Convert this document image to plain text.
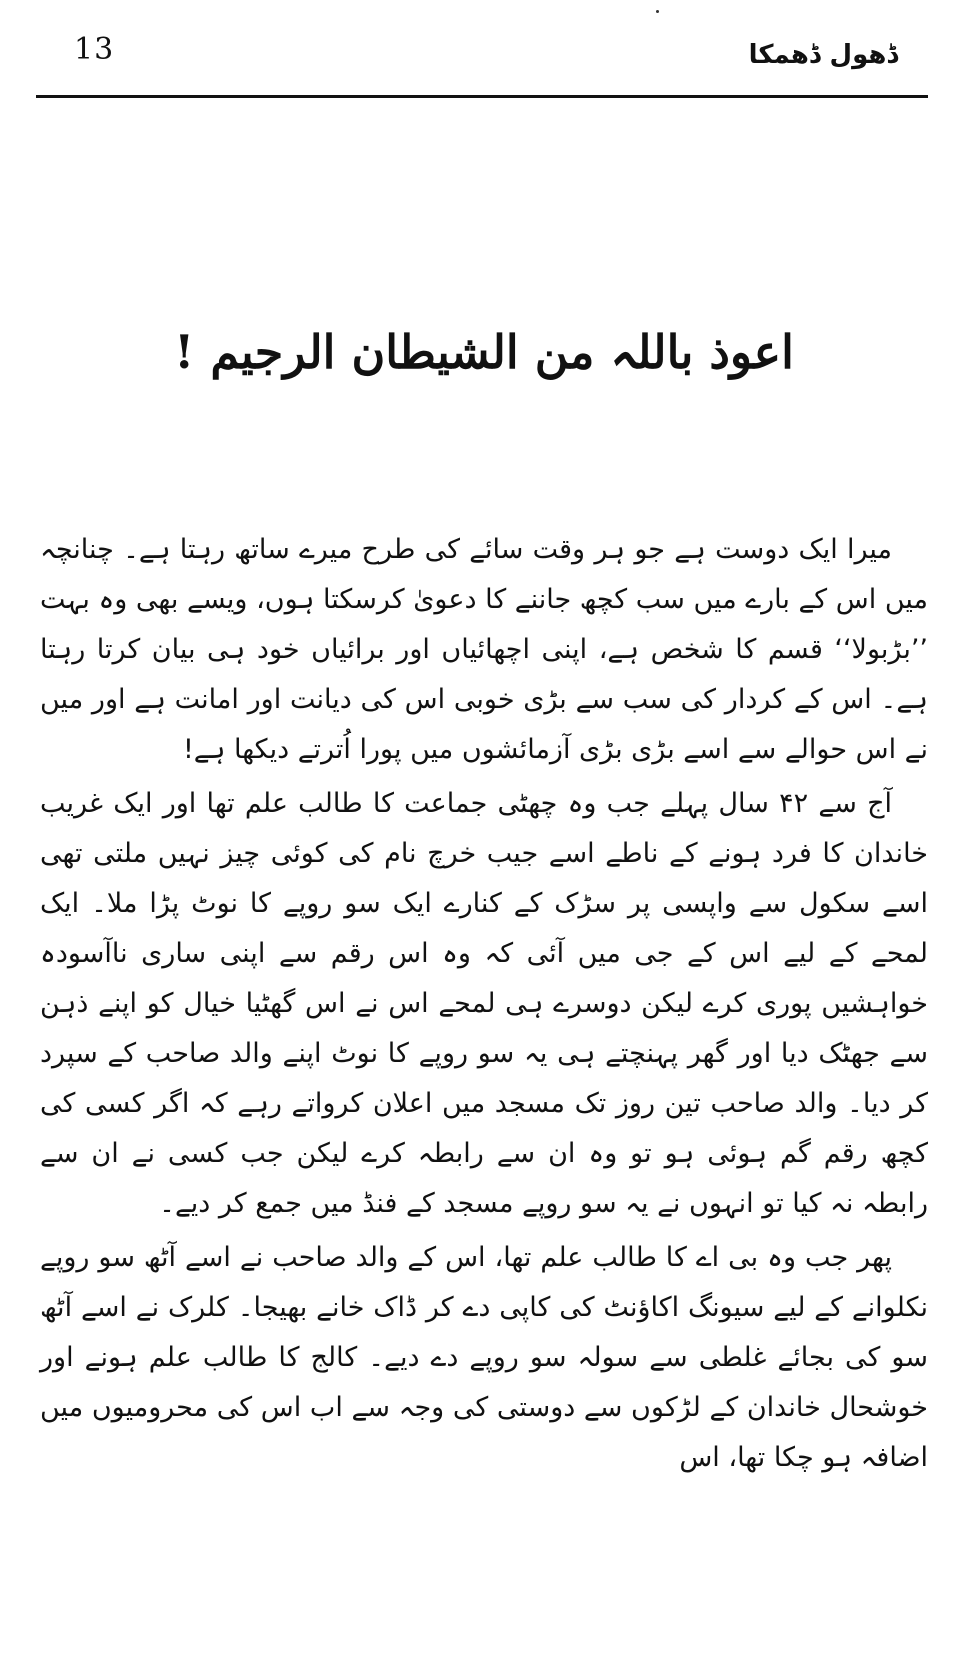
13	ڈھول ڈھمکا
اعوذ باللہ من الشیطان الرجیم !

میرا ایک دوست ہے جو ہر وقت سائے کی طرح میرے ساتھ رہتا ہے۔ چنانچہ میں اس کے بارے میں سب کچھ جاننے کا دعویٰ کرسکتا ہوں، ویسے بھی وہ بہت ’’بڑبولا‘‘ قسم کا شخص ہے، اپنی اچھائیاں اور برائیاں خود ہی بیان کرتا رہتا ہے۔ اس کے کردار کی سب سے بڑی خوبی اس کی دیانت اور امانت ہے اور میں نے اس حوالے سے اسے بڑی بڑی آزمائشوں میں پورا اُترتے دیکھا ہے!

آج سے ۴۲ سال پہلے جب وہ چھٹی جماعت کا طالب علم تھا اور ایک غریب خاندان کا فرد ہونے کے ناطے اسے جیب خرچ نام کی کوئی چیز نہیں ملتی تھی اسے سکول سے واپسی پر سڑک کے کنارے ایک سو روپے کا نوٹ پڑا ملا۔ ایک لمحے کے لیے اس کے جی میں آئی کہ وہ اس رقم سے اپنی ساری ناآسودہ خواہشیں پوری کرے لیکن دوسرے ہی لمحے اس نے اس گھٹیا خیال کو اپنے ذہن سے جھٹک دیا اور گھر پہنچتے ہی یہ سو روپے کا نوٹ اپنے والد صاحب کے سپرد کر دیا۔ والد صاحب تین روز تک مسجد میں اعلان کرواتے رہے کہ اگر کسی کی کچھ رقم گم ہوئی ہو تو وہ ان سے رابطہ کرے لیکن جب کسی نے ان سے رابطہ نہ کیا تو انہوں نے یہ سو روپے مسجد کے فنڈ میں جمع کر دیے۔

پھر جب وہ بی اے کا طالب علم تھا، اس کے والد صاحب نے اسے آٹھ سو روپے نکلوانے کے لیے سیونگ اکاؤنٹ کی کاپی دے کر ڈاک خانے بھیجا۔ کلرک نے اسے آٹھ سو کی بجائے غلطی سے سولہ سو روپے دے دیے۔ کالج کا طالب علم ہونے اور خوشحال خاندان کے لڑکوں سے دوستی کی وجہ سے اب اس کی محرومیوں میں اضافہ ہو چکا تھا، اس
